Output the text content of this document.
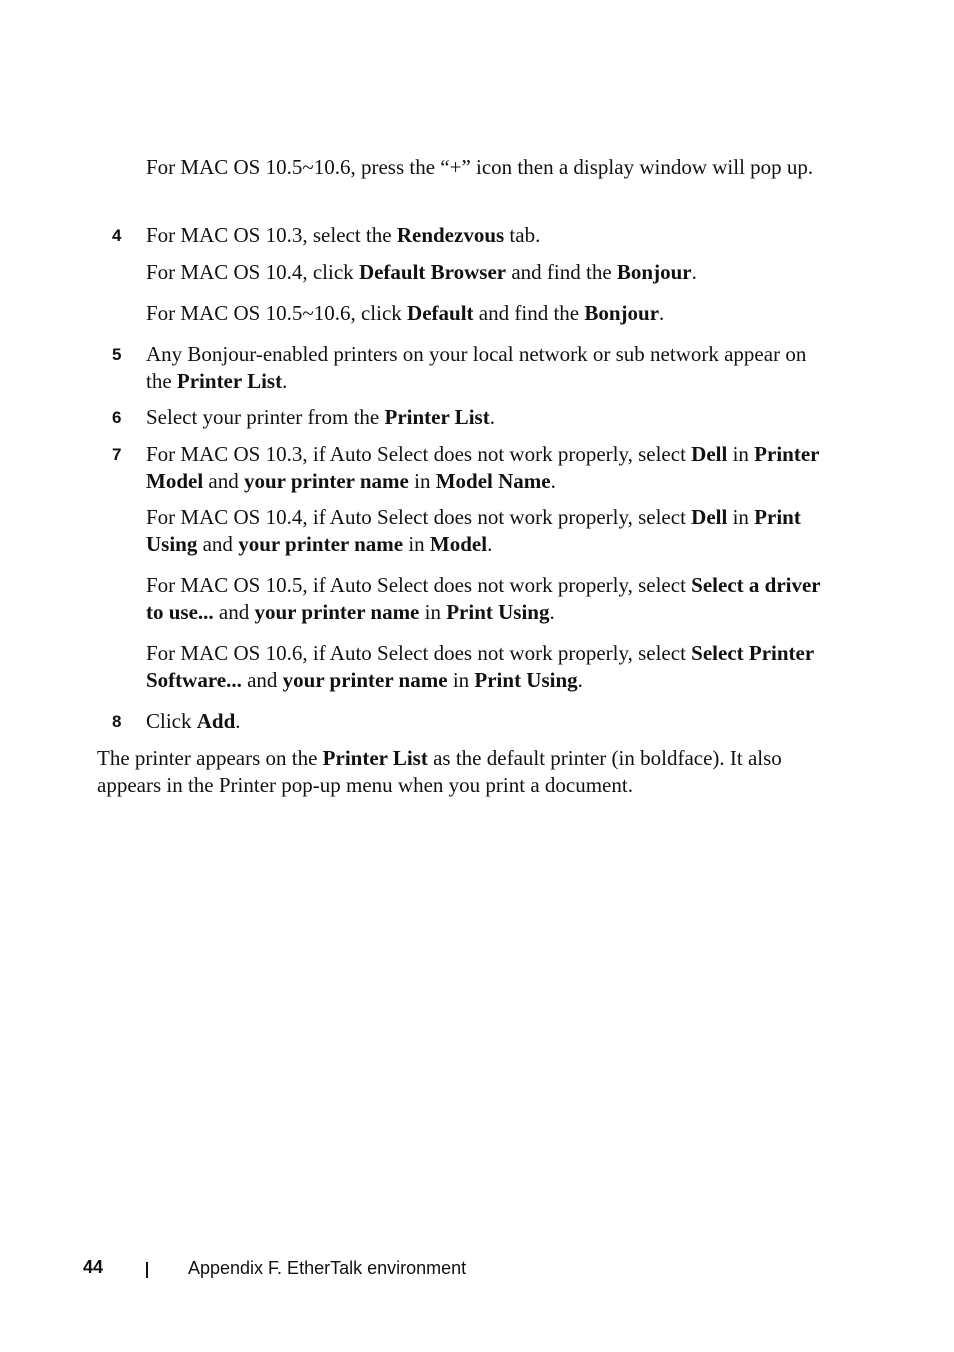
For MAC OS 10.5~10.6, press the “+” icon then a display window will pop up.

4 For MAC OS 10.3, select the Rendezvous tab.

For MAC OS 10.4, click Default Browser and find the Bonjour.

For MAC OS 10.5~10.6, click Default and find the Bonjour.

5 Any Bonjour-enabled printers on your local network or sub network appear on the Printer List.

6 Select your printer from the Printer List.

7 For MAC OS 10.3, if Auto Select does not work properly, select Dell in Printer Model and your printer name in Model Name.

For MAC OS 10.4, if Auto Select does not work properly, select Dell in Print Using and your printer name in Model.

For MAC OS 10.5, if Auto Select does not work properly, select Select a driver to use... and your printer name in Print Using.

For MAC OS 10.6, if Auto Select does not work properly, select Select Printer Software... and your printer name in Print Using.

8 Click Add.

The printer appears on the Printer List as the default printer (in boldface). It also appears in the Printer pop-up menu when you print a document.

44	Appendix F. EtherTalk environment
